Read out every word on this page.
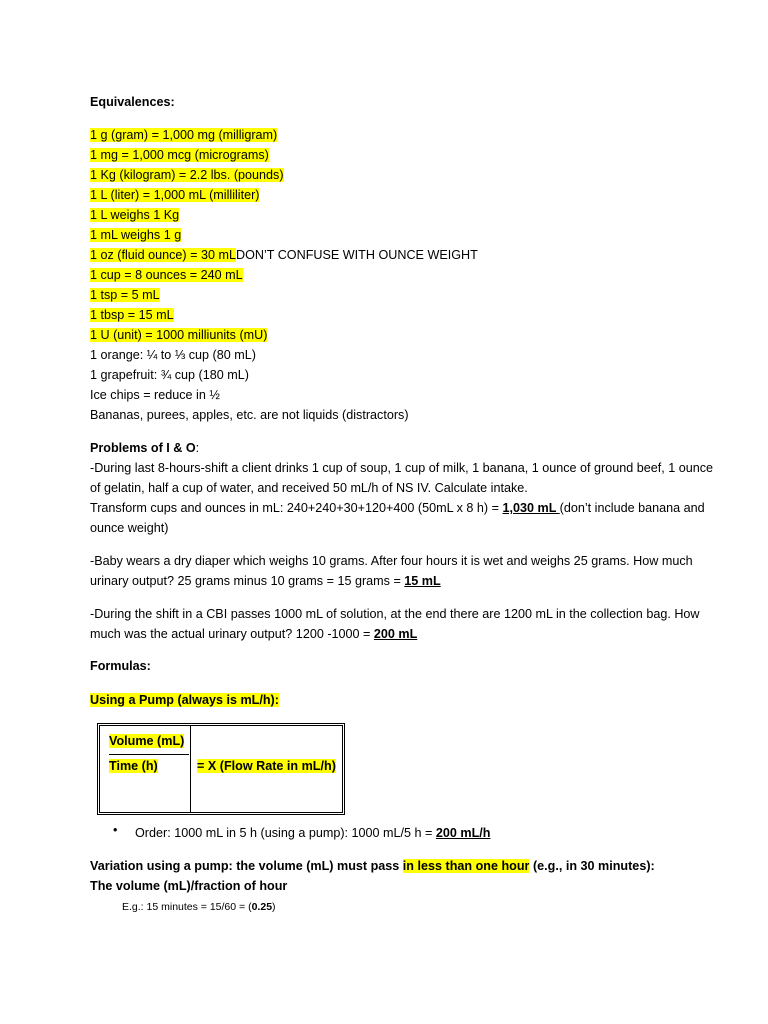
Equivalences:
1 g (gram) = 1,000 mg (milligram)
1 mg = 1,000 mcg (micrograms)
1 Kg (kilogram) = 2.2 lbs. (pounds)
1 L (liter) = 1,000 mL (milliliter)
1 L weighs 1 Kg
1 mL weighs 1 g
1 oz (fluid ounce) = 30 mLDON’T CONFUSE WITH OUNCE WEIGHT
1 cup = 8 ounces = 240 mL
1 tsp = 5 mL
1 tbsp = 15 mL
1 U (unit) = 1000 milliunits (mU)
1 orange: ¼ to ⅓ cup (80 mL)
1 grapefruit: ¾ cup (180 mL)
Ice chips = reduce in ½
Bananas, purees, apples, etc. are not liquids (distractors)
Problems of I & O:
-During last 8-hours-shift a client drinks 1 cup of soup, 1 cup of milk, 1 banana, 1 ounce of ground beef, 1 ounce of gelatin, half a cup of water, and received 50 mL/h of NS IV. Calculate intake.
Transform cups and ounces in mL: 240+240+30+120+400 (50mL x 8 h) = 1,030 mL (don’t include banana and ounce weight)
-Baby wears a dry diaper which weighs 10 grams. After four hours it is wet and weighs 25 grams. How much urinary output? 25 grams minus 10 grams = 15 grams = 15 mL
-During the shift in a CBI passes 1000 mL of solution, at the end there are 1200 mL in the collection bag. How much was the actual urinary output? 1200 -1000 = 200 mL
Formulas:
Using a Pump (always is mL/h):
Volume (mL)
Time (h)	= X (Flow Rate in mL/h)
• Order: 1000 mL in 5 h (using a pump): 1000 mL/5 h = 200 mL/h
Variation using a pump: the volume (mL) must pass in less than one hour (e.g., in 30 minutes):
The volume (mL)/fraction of hour
E.g.: 15 minutes = 15/60 = (0.25)
